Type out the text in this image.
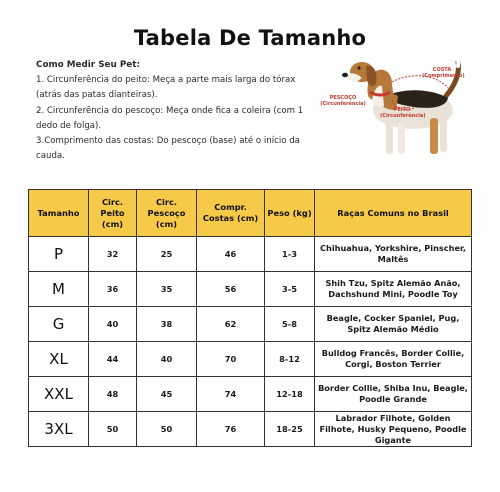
Tabela De Tamanho
Como Medir Seu Pet:
1. Circunferência do peito: Meça a parte mais larga do tórax (atrás das patas dianteiras).
2. Circunferência do pescoço: Meça onde fica a coleira (com 1 dedo de folga).
3.Comprimento das costas: Do pescoço (base) até o início da cauda.
COSTA (Comprimento)
PESCOÇO (Circunferência)
PEITO (Circunferência)
Tamanho	Circ. Peito (cm)	Circ. Pescoço (cm)	Compr. Costas (cm)	Peso (kg)	Raças Comuns no Brasil
P	32	25	46	1-3	Chihuahua, Yorkshire, Pinscher, Maltês
M	36	35	56	3-5	Shih Tzu, Spitz Alemão Anão, Dachshund Mini, Poodle Toy
G	40	38	62	5-8	Beagle, Cocker Spaniel, Pug, Spitz Alemão Médio
XL	44	40	70	8-12	Bulldog Francês, Border Collie, Corgi, Boston Terrier
XXL	48	45	74	12-18	Border Collie, Shiba Inu, Beagle, Poodle Grande
3XL	50	50	76	18-25	Labrador Filhote, Golden Filhote, Husky Pequeno, Poodle Gigante
